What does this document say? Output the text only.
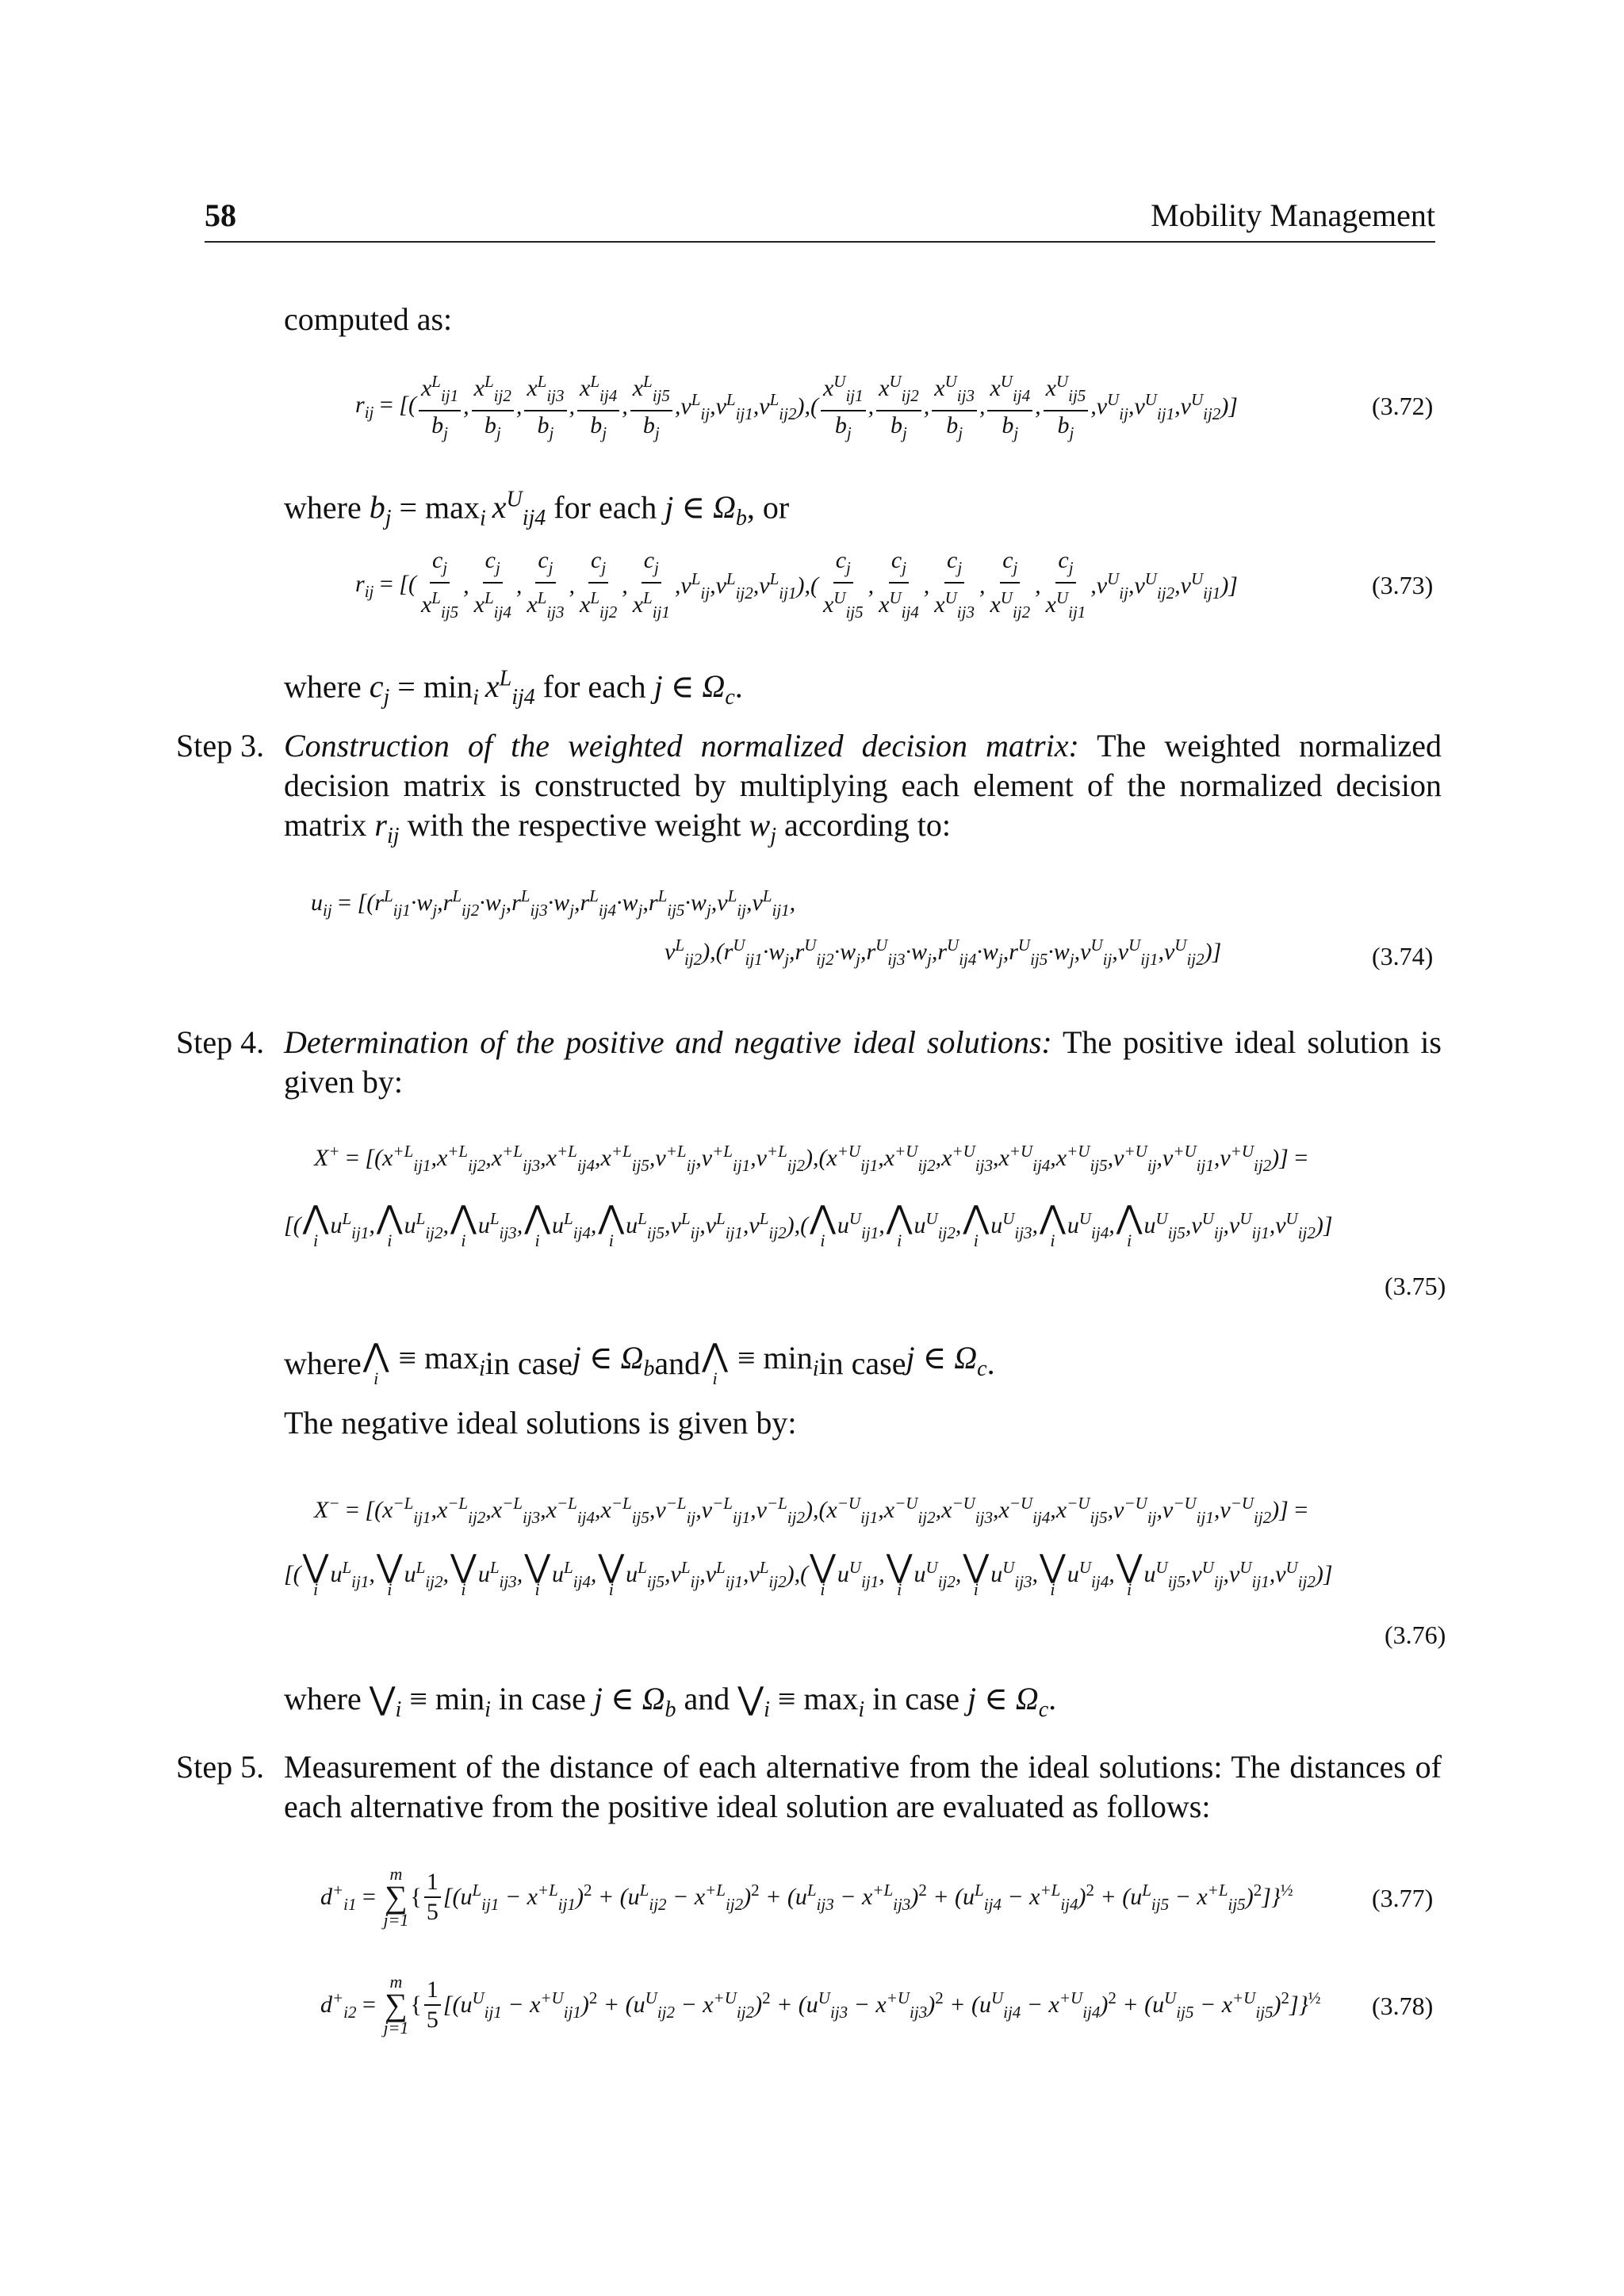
58	Mobility Management
computed as:
$r_{ij}$ = [( $\frac{x^L_{ij1}}{b_j}$ , $\frac{x^L_{ij2}}{b_j}$ , $\frac{x^L_{ij3}}{b_j}$ , $\frac{x^L_{ij4}}{b_j}$ , $\frac{x^L_{ij5}}{b_j} ,v^L_{ij},v^L_{ij1},v^L_{ij2}),( \frac{x^U_{ij1}}{b_j}$ , $\frac{x^U_{ij2}}{b_j}$ , $\frac{x^U_{ij3}}{b_j}$ , $\frac{x^U_{ij4}}{b_j}$ , $\frac{x^U_{ij5}}{b_j} ,v^U_{ij},v^U_{ij1},v^U_{ij2}$)]	(3.72)
where $b_j = \max_i x^U_{ij4}$ for each j ∈ $\Omega_b$, or
$r_{ij}$ = [( $\frac{c_j}{x^L_{ij5}}$ , $\frac{c_j}{x^L_{ij4}}$ , $\frac{c_j}{x^L_{ij3}}$ , $\frac{c_j}{x^L_{ij2}}$ , $\frac{c_j}{x^L_{ij1}} ,v^L_{ij},v^L_{ij2},v^L_{ij1}),( \frac{c_j}{x^U_{ij5}}$ , $\frac{c_j}{x^U_{ij4}}$ , $\frac{c_j}{x^U_{ij3}}$ , $\frac{c_j}{x^U_{ij2}}$ , $\frac{c_j}{x^U_{ij1}} ,v^U_{ij},v^U_{ij2},v^U_{ij1}$)]	(3.73)
where $c_j = \min_i x^L_{ij4}$ for each j ∈ $\Omega_c$.
Step 3. Construction of the weighted normalized decision matrix: The weighted normalized decision matrix is constructed by multiplying each element of the normalized decision matrix $r_{ij}$ with the respective weight $w_j$ according to:
$u_{ij} = [(r^L_{ij1}\cdot w_j,r^L_{ij2}\cdot w_j,r^L_{ij3}\cdot w_j,r^L_{ij4}\cdot w_j,r^L_{ij5}\cdot w_j,v^L_{ij},v^L_{ij1}$,
$v^L_{ij2}),(r^U_{ij1}\cdot w_j,r^U_{ij2}\cdot w_j,r^U_{ij3}\cdot w_j,r^U_{ij4}\cdot w_j,r^U_{ij5}\cdot w_j,v^U_{ij},v^U_{ij1},v^U_{ij2})$]	(3.74)
Step 4. Determination of the positive and negative ideal solutions: The positive ideal solution is given by:
$X^+ = [(x^{+L}_{ij1},x^{+L}_{ij2},x^{+L}_{ij3},x^{+L}_{ij4},x^{+L}_{ij5},v^{+L}_{ij},v^{+L}_{ij1},v^{+L}_{ij2}),(x^{+U}_{ij1},x^{+U}_{ij2},x^{+U}_{ij3},x^{+U}_{ij4},x^{+U}_{ij5},v^{+U}_{ij},v^{+U}_{ij1},v^{+U}_{ij2})]$ =
[( ⋀
i
$u^L_{ij1}$, ⋀
i
$u^L_{ij2}$, ⋀
i
$u^L_{ij3}$, ⋀
i
$u^L_{ij4}$, ⋀
i
$u^L_{ij5},v^L_{ij},v^L_{ij1},v^L_{ij2}$),( ⋀
i
$u^U_{ij1}$, ⋀
i
$u^U_{ij2}$, ⋀
i
$u^U_{ij3}$, ⋀
i
$u^U_{ij4}$, ⋀
i
$u^U_{ij5},v^U_{ij},v^U_{ij1},v^U_{ij2}$)]
(3.75)
where ⋀
i
≡ $\max_i$ in case j ∈ $\Omega_b$ and ⋀
i
≡ $\min_i$ in case j ∈ $\Omega_c$ .
The negative ideal solutions is given by:
$X^- = [(x^{-L}_{ij1},x^{-L}_{ij2},x^{-L}_{ij3},x^{-L}_{ij4},x^{-L}_{ij5},v^{-L}_{ij},v^{-L}_{ij1},v^{-L}_{ij2}),(x^{-U}_{ij1},x^{-U}_{ij2},x^{-U}_{ij3},x^{-U}_{ij4},x^{-U}_{ij5},v^{-U}_{ij},v^{-U}_{ij1},v^{-U}_{ij2})]$ =
[( ⋁
i
$u^L_{ij1}$, ⋁
i
$u^L_{ij2}$, ⋁
i
$u^L_{ij3}$, ⋁
i
$u^L_{ij4}$, ⋁
i
$u^L_{ij5},v^L_{ij},v^L_{ij1},v^L_{ij2}$),( ⋁
i
$u^U_{ij1}$, ⋁
i
$u^U_{ij2}$, ⋁
i
$u^U_{ij3}$, ⋁
i
$u^U_{ij4}$, ⋁
i
$u^U_{ij5},v^U_{ij},v^U_{ij1},v^U_{ij2}$)]
(3.76)
where $⋁_i \equiv \min_i$ in case j ∈ $\Omega_b$ and $⋁_i \equiv \max_i$ in case j ∈ $\Omega_c$.
Step 5. Measurement of the distance of each alternative from the ideal solutions: The distances of each alternative from the positive ideal solution are evaluated as follows:
$d^+_{i1}$ =
m
∑
j=1
{ $\frac{1}{5} [(u^L_{ij1} - x^{+L}_{ij1})^2 + (u^L_{ij2} - x^{+L}_{ij2})^2 + (u^L_{ij3} - x^{+L}_{ij3})^2 + (u^L_{ij4} - x^{+L}_{ij4})^2 + (u^L_{ij5} - x^{+L}_{ij5})^2]\}^{\frac{1}{2}}$	(3.77)
$d^+_{i2}$ =
m
∑
j=1
{ $\frac{1}{5} [(u^U_{ij1} - x^{+U}_{ij1})^2 + (u^U_{ij2} - x^{+U}_{ij2})^2 + (u^U_{ij3} - x^{+U}_{ij3})^2 + (u^U_{ij4} - x^{+U}_{ij4})^2 + (u^U_{ij5} - x^{+U}_{ij5})^2]\}^{\frac{1}{2}}$ (3.78)
